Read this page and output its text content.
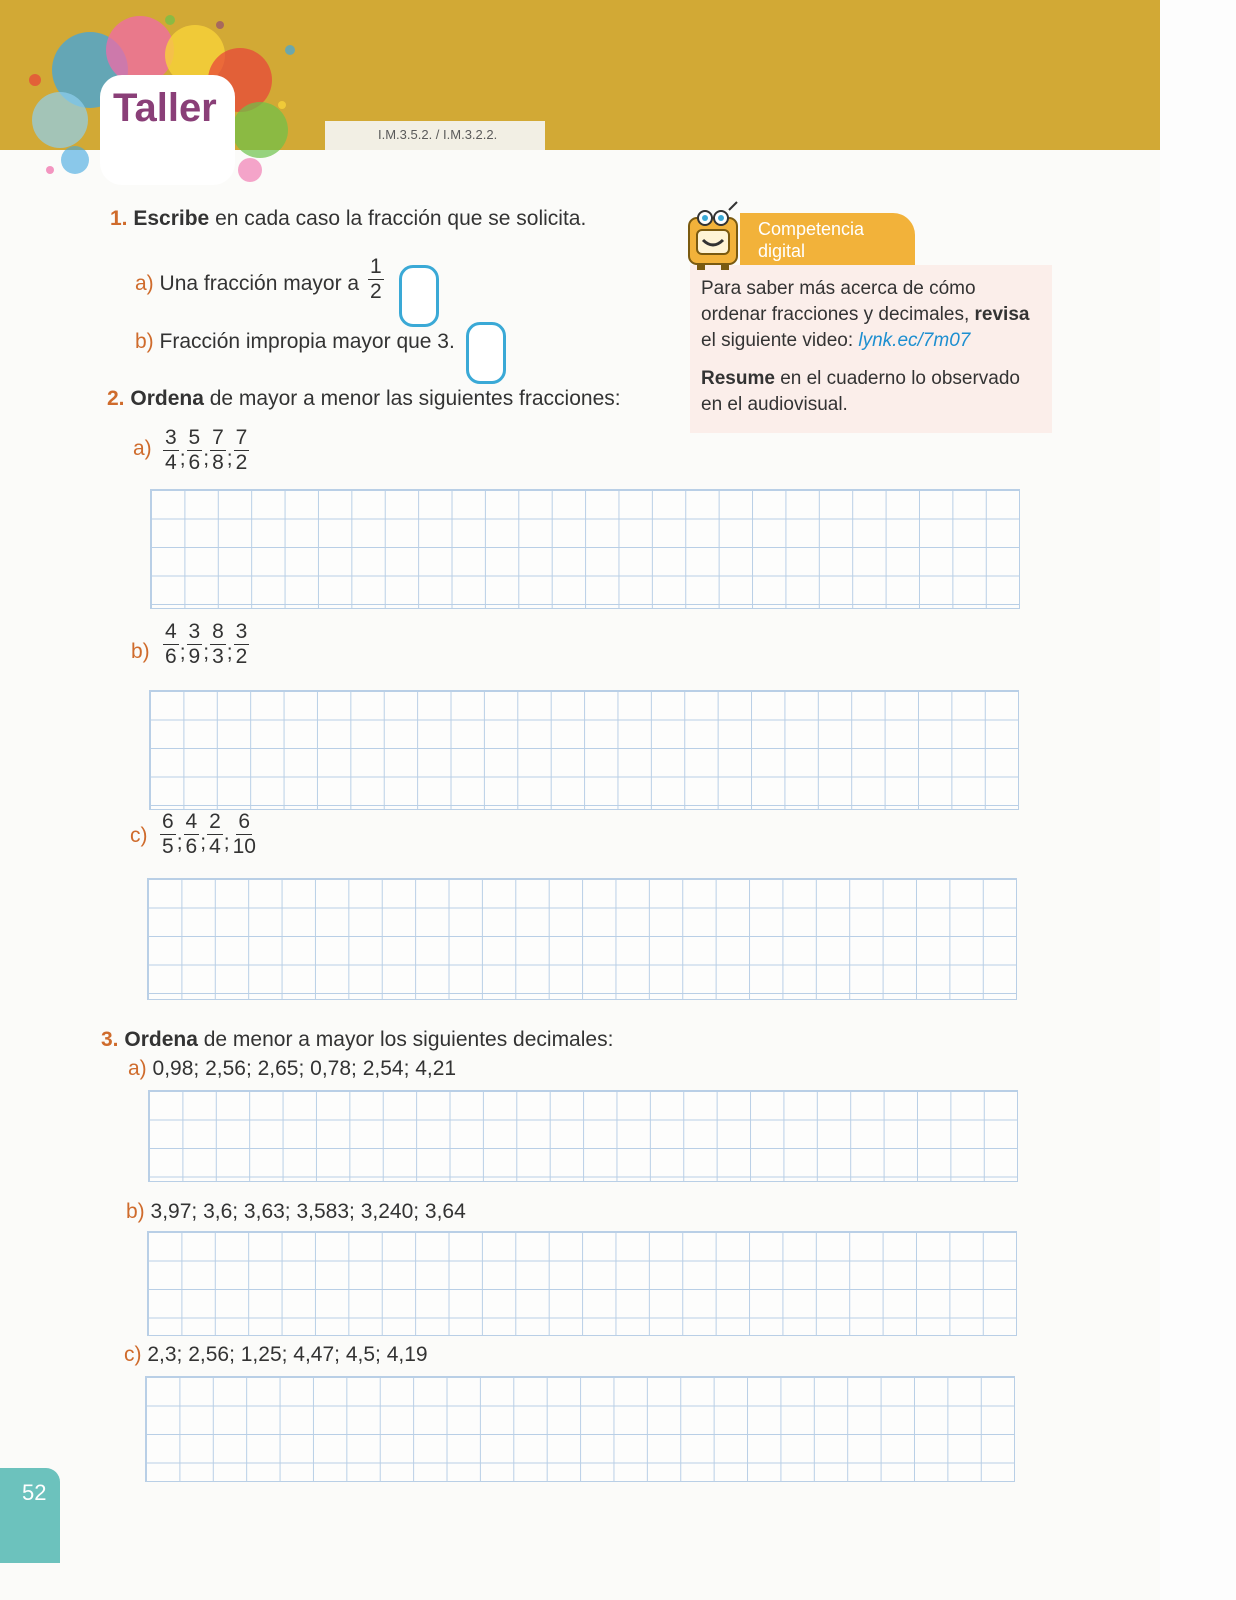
Taller
I.M.3.5.2. / I.M.3.2.2.
1. Escribe en cada caso la fracción que se solicita.
a) Una fracción mayor a $\frac{1}{2}$
b) Fracción impropia mayor que 3.
2. Ordena de mayor a menor las siguientes fracciones:
$a) \frac{3}{4}$ ; $\frac{5}{6}$ ; $\frac{7}{8}$ ; $\frac{7}{2}$
$b) \frac{4}{6}$ ; $\frac{3}{9}$ ; $\frac{8}{3}$ ; $\frac{3}{2}$
$c) \frac{6}{5}$ ; $\frac{4}{6}$ ; $\frac{2}{4}$ ; $\frac{6}{10}$
3. Ordena de menor a mayor los siguientes decimales:
a) 0,98; 2,56; 2,65; 0,78; 2,54; 4,21
b) 3,97; 3,6; 3,63; 3,583; 3,240; 3,64
c) 2,3; 2,56; 1,25; 4,47; 4,5; 4,19
Competencia
digital
Para saber más acerca de cómo
ordenar fracciones y decimales, revisa
el siguiente video: lynk.ec/7m07
Resume en el cuaderno lo observado
en el audiovisual.
52
